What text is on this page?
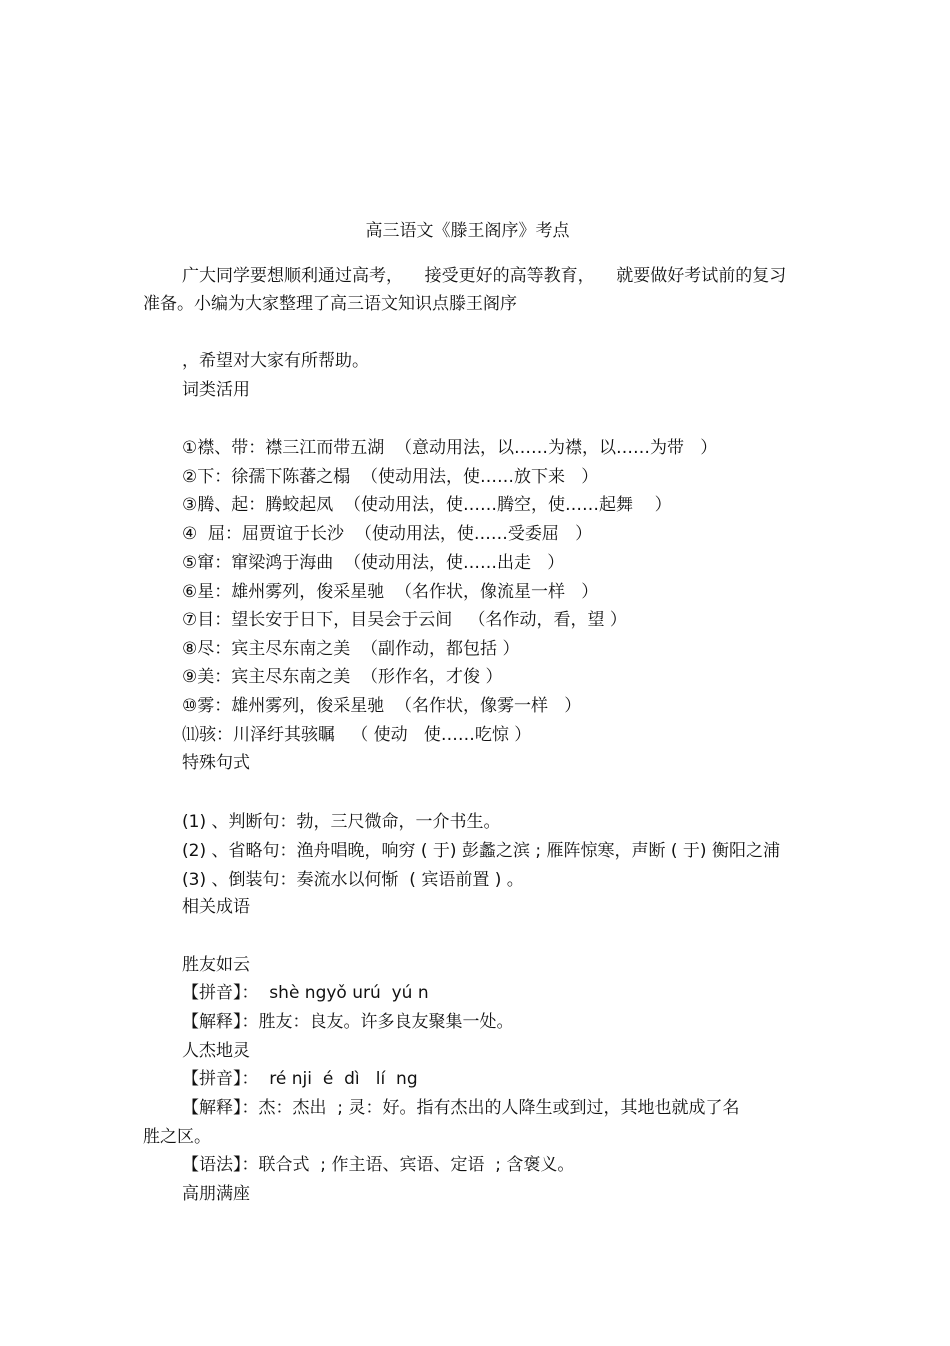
高三语文《滕王阁序》考点

广大同学要想顺利通过高考，    接受更好的高等教育，    就要做好考试前的复习

准备。小编为大家整理了高三语文知识点滕王阁序

，希望对大家有所帮助。

词类活用

①襟、带：襟三江而带五湖  （意动用法，以……为襟，以……为带   ）

②下：徐孺下陈蕃之榻  （使动用法，使……放下来   ）

③腾、起：腾蛟起凤  （使动用法，使……腾空，使……起舞    ）

④  屈：屈贾谊于长沙  （使动用法，使……受委屈   ）

⑤窜：窜梁鸿于海曲  （使动用法，使……出走   ）

⑥星：雄州雾列，俊采星驰  （名作状，像流星一样   ）

⑦目：望长安于日下，目吴会于云间   （名作动，看，望 ）

⑧尽：宾主尽东南之美  （副作动，都包括 ）

⑨美：宾主尽东南之美  （形作名，才俊 ）

⑩雾：雄州雾列，俊采星驰  （名作状，像雾一样   ）

⑾骇：川泽纡其骇瞩   （ 使动   使……吃惊 ）

特殊句式

(1) 、判断句：勃，三尺微命，一介书生。

(2) 、省略句：渔舟唱晚，响穷 ( 于) 彭蠡之滨 ; 雁阵惊寒，声断 ( 于) 衡阳之浦

(3) 、倒装句：奏流水以何惭  ( 宾语前置 ) 。

相关成语

胜友如云

【拼音】：  shè ngyǒ urú  yú n

【解释】：胜友：良友。许多良友聚集一处。

人杰地灵

【拼音】：  ré nji  é  dì   lí  ng

【解释】：杰：杰出  ; 灵：好。指有杰出的人降生或到过，其地也就成了名

胜之区。

【语法】：联合式  ; 作主语、宾语、定语  ; 含褒义。

高朋满座
